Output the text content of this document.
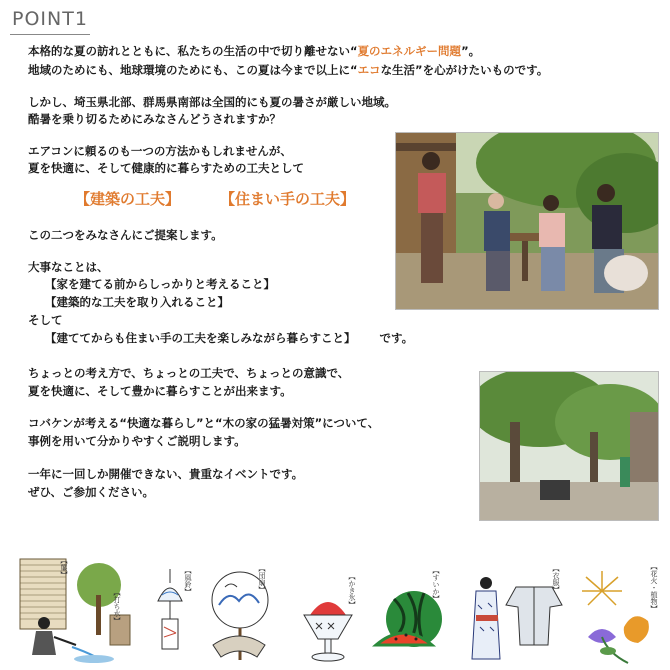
POINT1
本格的な夏の訪れとともに、私たちの生活の中で切り離せない“夏のエネルギー問題”。
地域のためにも、地球環境のためにも、この夏は今まで以上に“エコな生活”を心がけたいものです。
しかし、埼玉県北部、群馬県南部は全国的にも夏の暑さが厳しい地域。
酷暑を乗り切るためにみなさんどうされますか？
エアコンに頼るのも一つの方法かもしれませんが、
夏を快適に、そして健康的に暮らすための工夫として
【建築の工夫】	【住まい手の工夫】
この二つをみなさんにご提案します。
大事なことは、
【家を建てる前からしっかりと考えること】
【建築的な工夫を取り入れること】
そして
【建ててからも住まい手の工夫を楽しみながら暮らすこと】 です。
ちょっとの考え方で、ちょっとの工夫で、ちょっとの意識で、
夏を快適に、そして豊かに暮らすことが出来ます。
コバケンが考える“快適な暮らし”と“木の家の猛暑対策”について、
事例を用いて分かりやすくご説明します。
一年に一回しか開催できない、貴重なイベントです。
ぜひ、ご参加ください。
【簾】
【打ち水】
【風鈴】	【団扇】	【かき氷】	【すいか】	【衣服】	【花火・植物】
